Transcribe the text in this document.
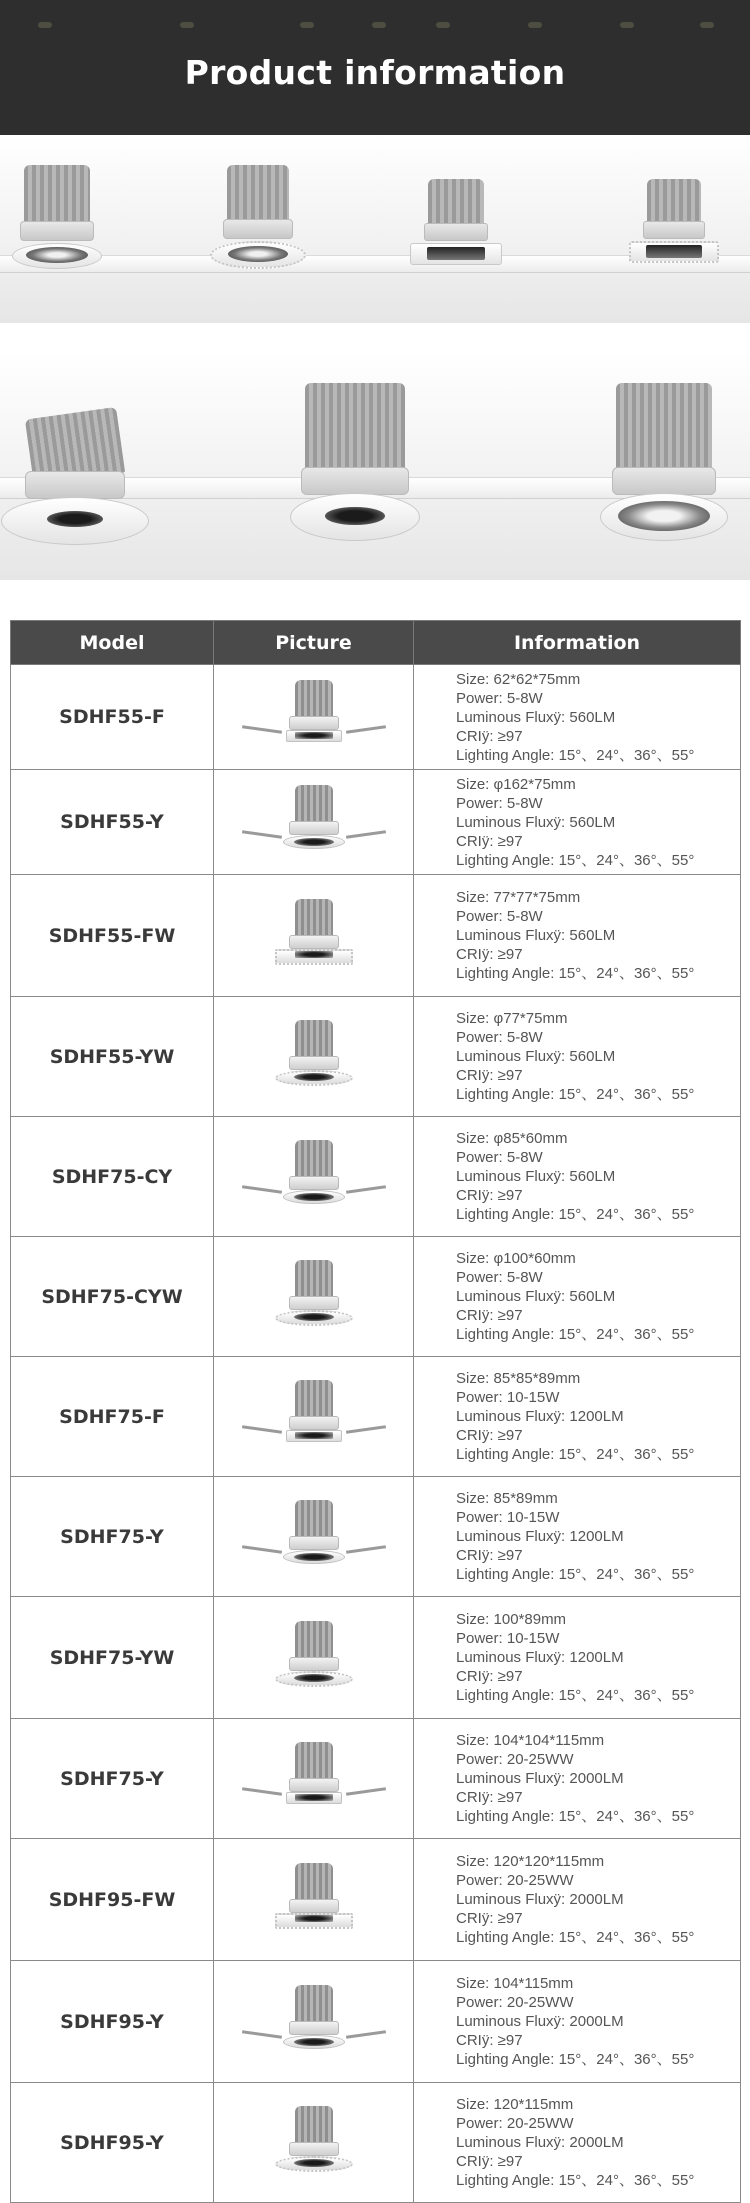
Product information
Model	Picture	Information
SDHF55-F		Size: 62*62*75mm
Power: 5-8W
Luminous Fluxÿ: 560LM
CRIÿ: ≥97
Lighting Angle: 15°、24°、36°、55°

SDHF55-Y		Size: φ162*75mm
Power: 5-8W
Luminous Fluxÿ: 560LM
CRIÿ: ≥97
Lighting Angle: 15°、24°、36°、55°

SDHF55-FW		Size: 77*77*75mm
Power: 5-8W
Luminous Fluxÿ: 560LM
CRIÿ: ≥97
Lighting Angle: 15°、24°、36°、55°

SDHF55-YW		Size: φ77*75mm
Power: 5-8W
Luminous Fluxÿ: 560LM
CRIÿ: ≥97
Lighting Angle: 15°、24°、36°、55°

SDHF75-CY		Size: φ85*60mm
Power: 5-8W
Luminous Fluxÿ: 560LM
CRIÿ: ≥97
Lighting Angle: 15°、24°、36°、55°

SDHF75-CYW		Size: φ100*60mm
Power: 5-8W
Luminous Fluxÿ: 560LM
CRIÿ: ≥97
Lighting Angle: 15°、24°、36°、55°

SDHF75-F		Size: 85*85*89mm
Power: 10-15W
Luminous Fluxÿ: 1200LM
CRIÿ: ≥97
Lighting Angle: 15°、24°、36°、55°

SDHF75-Y		Size: 85*89mm
Power: 10-15W
Luminous Fluxÿ: 1200LM
CRIÿ: ≥97
Lighting Angle: 15°、24°、36°、55°

SDHF75-YW		Size: 100*89mm
Power: 10-15W
Luminous Fluxÿ: 1200LM
CRIÿ: ≥97
Lighting Angle: 15°、24°、36°、55°

SDHF75-Y		Size: 104*104*115mm
Power: 20-25WW
Luminous Fluxÿ: 2000LM
CRIÿ: ≥97
Lighting Angle: 15°、24°、36°、55°

SDHF95-FW		Size: 120*120*115mm
Power: 20-25WW
Luminous Fluxÿ: 2000LM
CRIÿ: ≥97
Lighting Angle: 15°、24°、36°、55°

SDHF95-Y		Size: 104*115mm
Power: 20-25WW
Luminous Fluxÿ: 2000LM
CRIÿ: ≥97
Lighting Angle: 15°、24°、36°、55°

SDHF95-Y		Size: 120*115mm
Power: 20-25WW
Luminous Fluxÿ: 2000LM
CRIÿ: ≥97
Lighting Angle: 15°、24°、36°、55°
